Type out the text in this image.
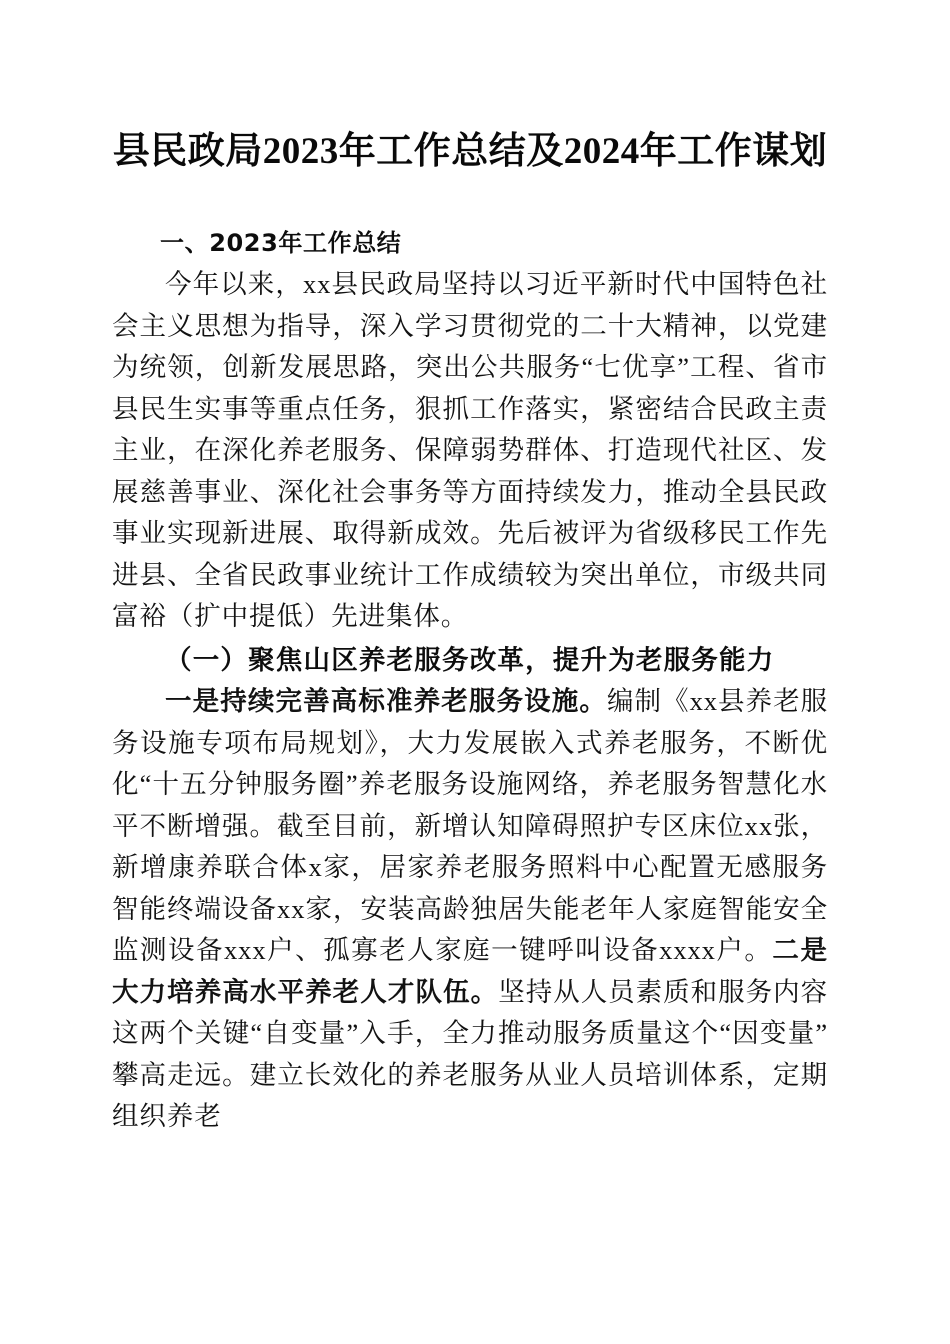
县民政局2023年工作总结及2024年工作谋划
一、2023年工作总结

今年以来，xx县民政局坚持以习近平新时代中国特色社会主义思想为指导，深入学习贯彻党的二十大精神，以党建为统领，创新发展思路，突出公共服务“七优享”工程、省市县民生实事等重点任务，狠抓工作落实，紧密结合民政主责主业，在深化养老服务、保障弱势群体、打造现代社区、发展慈善事业、深化社会事务等方面持续发力，推动全县民政事业实现新进展、取得新成效。先后被评为省级移民工作先进县、全省民政事业统计工作成绩较为突出单位，市级共同富裕（扩中提低）先进集体。

（一）聚焦山区养老服务改革，提升为老服务能力

一是持续完善高标准养老服务设施。编制《xx县养老服务设施专项布局规划》，大力发展嵌入式养老服务，不断优化“十五分钟服务圈”养老服务设施网络，养老服务智慧化水平不断增强。截至目前，新增认知障碍照护专区床位xx张，新增康养联合体x家，居家养老服务照料中心配置无感服务智能终端设备xx家，安装高龄独居失能老年人家庭智能安全监测设备xxx户、孤寡老人家庭一键呼叫设备xxxx户。二是大力培养高水平养老人才队伍。坚持从人员素质和服务内容这两个关键“自变量”入手，全力推动服务质量这个“因变量”攀高走远。建立长效化的养老服务从业人员培训体系，定期组织养老
